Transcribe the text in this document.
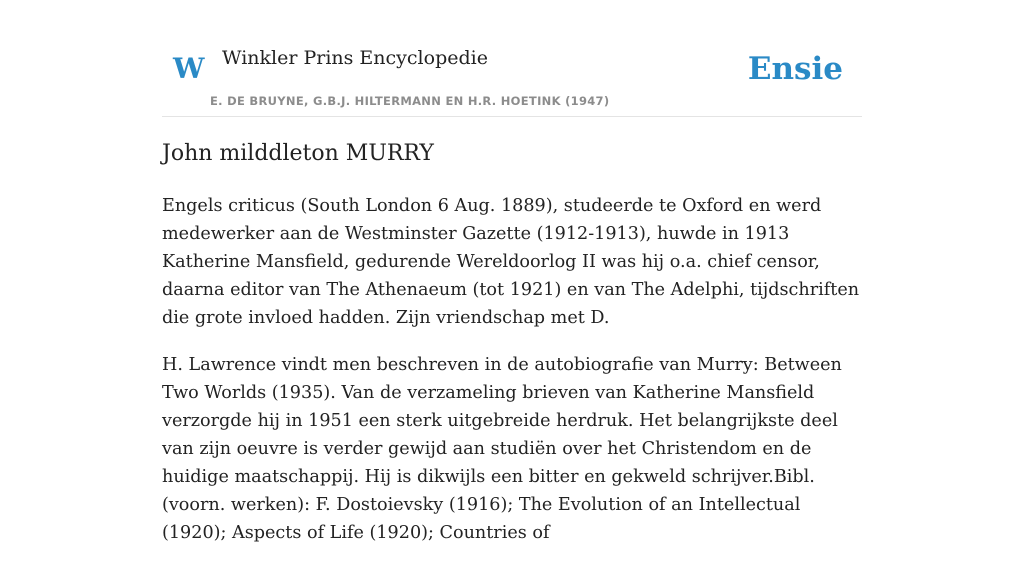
W Winkler Prins Encyclopedie
E. DE BRUYNE, G.B.J. HILTERMANN EN H.R. HOETINK (1947)
Ensie
John milddleton MURRY

Engels criticus (South London 6 Aug. 1889), studeerde te Oxford en werd medewerker aan de Westminster Gazette (1912-1913), huwde in 1913 Katherine Mansfield, gedurende Wereldoorlog II was hij o.a. chief censor, daarna editor van The Athenaeum (tot 1921) en van The Adelphi, tijdschriften die grote invloed hadden. Zijn vriendschap met D.

H. Lawrence vindt men beschreven in de autobiografie van Murry: Between Two Worlds (1935). Van de verzameling brieven van Katherine Mansfield verzorgde hij in 1951 een sterk uitgebreide herdruk. Het belangrijkste deel van zijn oeuvre is verder gewijd aan studiën over het Christendom en de huidige maatschappij. Hij is dikwijls een bitter en gekweld schrijver.Bibl. (voorn. werken): F. Dostoievsky (1916); The Evolution of an Intellectual (1920); Aspects of Life (1920); Countries of
